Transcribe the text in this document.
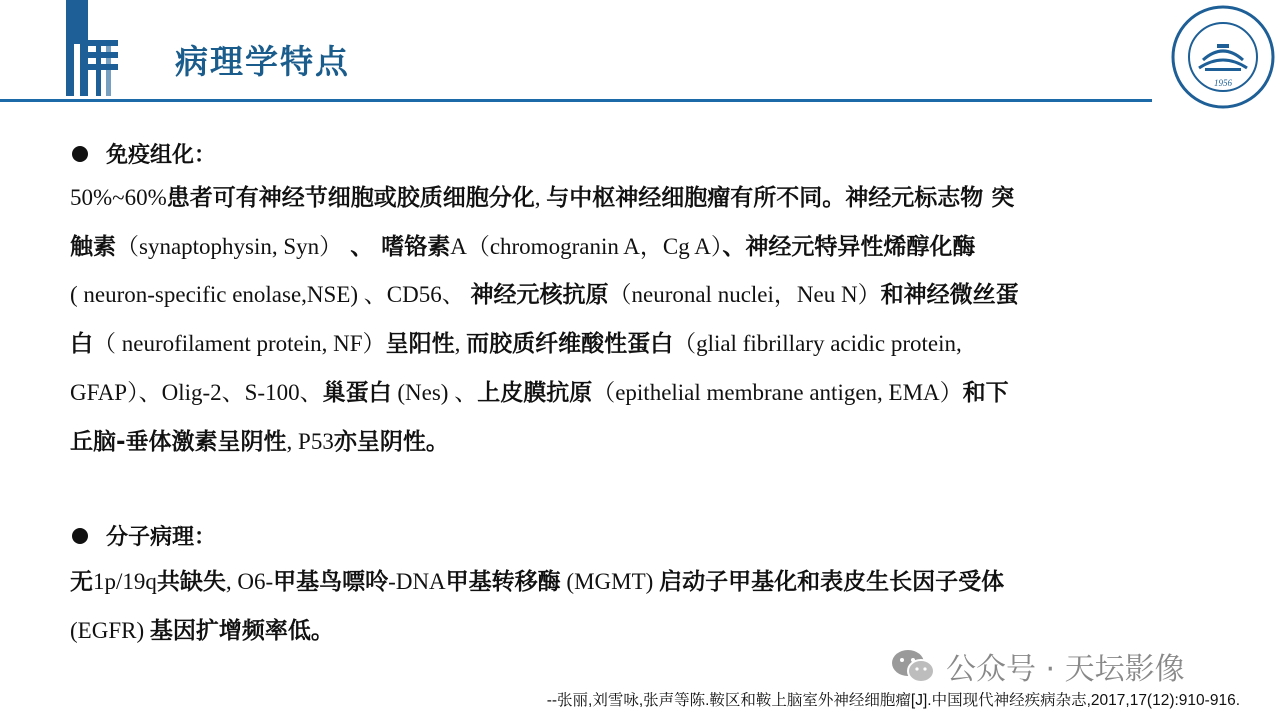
病理学特点
1956
免疫组化：
50%~60%患者可有神经节细胞或胶质细胞分化, 与中枢神经细胞瘤有所不同。神经元标志物 突
触素（synaptophysin, Syn） 、 嗜铬素A（chromogranin A，Cg A）、神经元特异性烯醇化酶
( neuron-specific enolase,NSE) 、CD56、 神经元核抗原（neuronal nuclei，Neu N）和神经微丝蛋
白（ neurofilament protein, NF）呈阳性, 而胶质纤维酸性蛋白（glial fibrillary acidic protein,
GFAP）、Olig-2、S-100、巢蛋白 (Nes) 、上皮膜抗原（epithelial membrane antigen, EMA）和下
丘脑-垂体激素呈阴性, P53亦呈阴性。
分子病理：
无1p/19q共缺失, O6-甲基鸟嘌呤-DNA甲基转移酶 (MGMT) 启动子甲基化和表皮生长因子受体
(EGFR) 基因扩增频率低。
公众号 · 天坛影像
--张丽,刘雪咏,张声等陈.鞍区和鞍上脑室外神经细胞瘤[J].中国现代神经疾病杂志,2017,17(12):910-916.
